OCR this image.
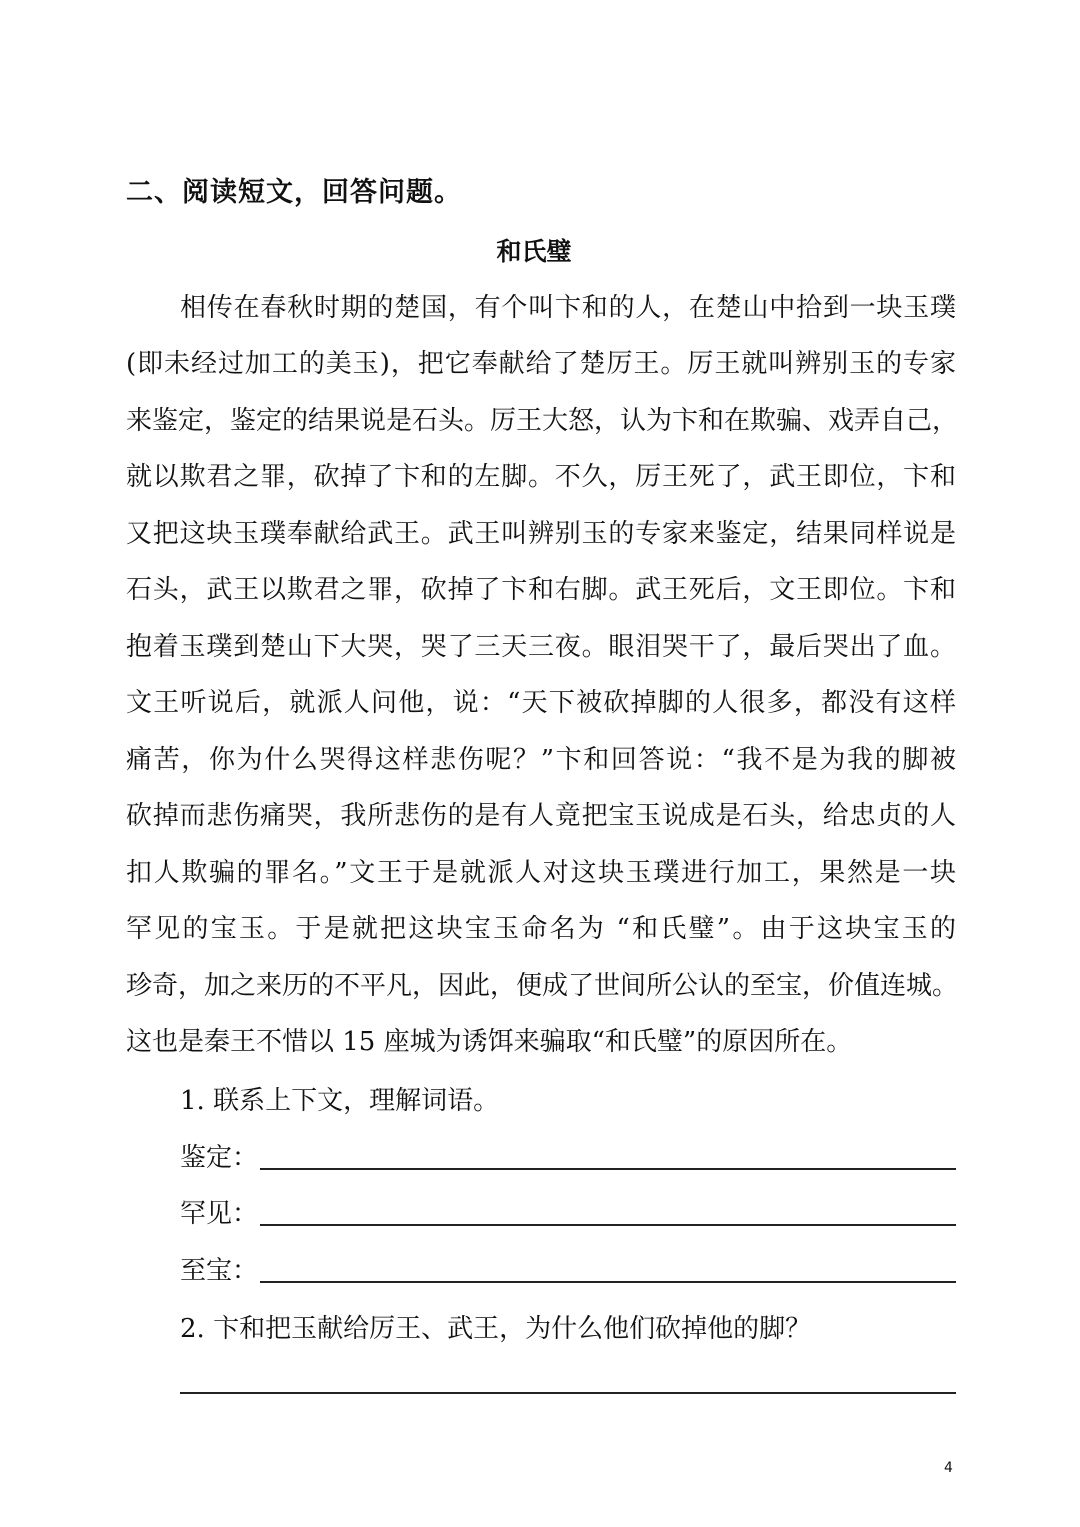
二、阅读短文，回答问题。
和氏璧
相传在春秋时期的楚国，有个叫卞和的人，在楚山中拾到一块玉璞
(即未经过加工的美玉)，把它奉献给了楚厉王。厉王就叫辨别玉的专家
来鉴定，鉴定的结果说是石头。厉王大怒，认为卞和在欺骗、戏弄自己，
就以欺君之罪，砍掉了卞和的左脚。不久，厉王死了，武王即位，卞和
又把这块玉璞奉献给武王。武王叫辨别玉的专家来鉴定，结果同样说是
石头，武王以欺君之罪，砍掉了卞和右脚。武王死后，文王即位。卞和
抱着玉璞到楚山下大哭，哭了三天三夜。眼泪哭干了，最后哭出了血。
文王听说后，就派人问他，说：“天下被砍掉脚的人很多，都没有这样
痛苦，你为什么哭得这样悲伤呢？”卞和回答说：“我不是为我的脚被
砍掉而悲伤痛哭，我所悲伤的是有人竟把宝玉说成是石头，给忠贞的人
扣人欺骗的罪名。”文王于是就派人对这块玉璞进行加工，果然是一块
罕见的宝玉。于是就把这块宝玉命名为 “和氏璧”。由于这块宝玉的
珍奇，加之来历的不平凡，因此，便成了世间所公认的至宝，价值连城。
这也是秦王不惜以 15 座城为诱饵来骗取“和氏璧”的原因所在。
1. 联系上下文，理解词语。
鉴定：
罕见：
至宝：
2. 卞和把玉献给厉王、武王，为什么他们砍掉他的脚？
4
